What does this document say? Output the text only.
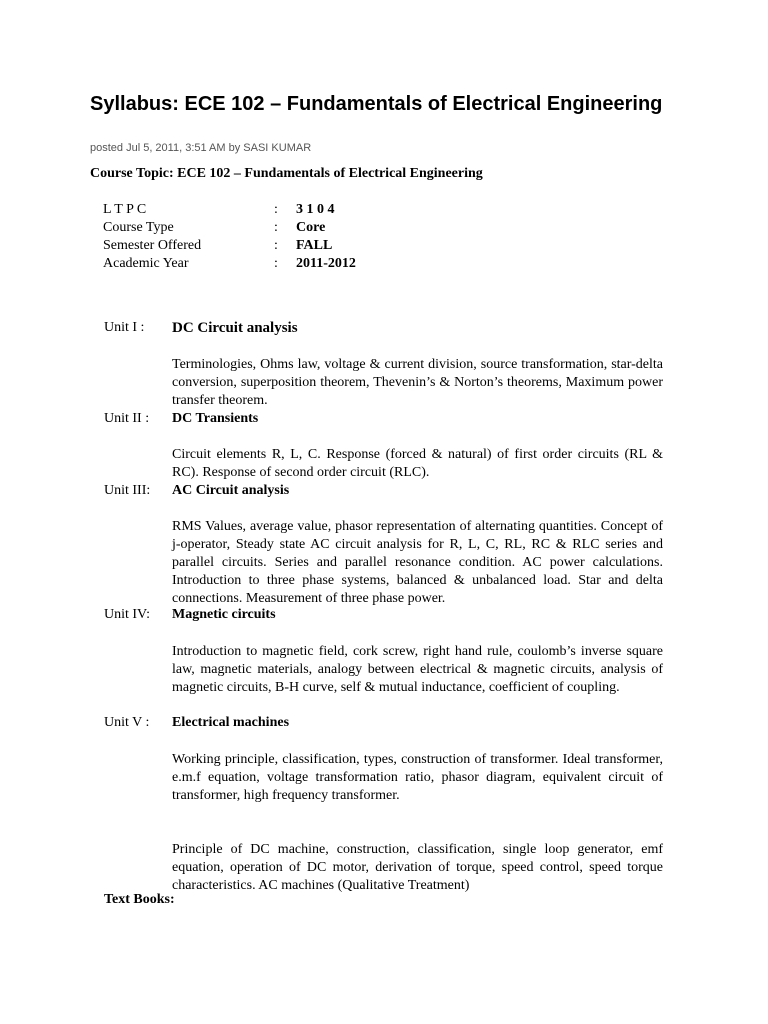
Syllabus: ECE 102 – Fundamentals of Electrical Engineering
posted Jul 5, 2011, 3:51 AM by SASI KUMAR
Course Topic: ECE 102 – Fundamentals of Electrical Engineering
L T P C	: 3 1 0 4
Course Type	: Core
Semester Offered	: FALL
Academic Year	: 2011-2012
Unit I : DC Circuit analysis

Terminologies, Ohms law, voltage & current division, source transformation, star-delta conversion, superposition theorem, Thevenin’s & Norton’s theorems, Maximum power transfer theorem.

Unit II : DC Transients

Circuit elements R, L, C. Response (forced & natural) of first order circuits (RL & RC). Response of second order circuit (RLC).

Unit III: AC Circuit analysis

RMS Values, average value, phasor representation of alternating quantities. Concept of j-operator, Steady state AC circuit analysis for R, L, C, RL, RC & RLC series and parallel circuits. Series and parallel resonance condition. AC power calculations. Introduction to three phase systems, balanced & unbalanced load. Star and delta connections. Measurement of three phase power.

Unit IV: Magnetic circuits

Introduction to magnetic field, cork screw, right hand rule, coulomb’s inverse square law, magnetic materials, analogy between electrical & magnetic circuits, analysis of magnetic circuits, B-H curve, self & mutual inductance, coefficient of coupling.

Unit V : Electrical machines

Working principle, classification, types, construction of transformer. Ideal transformer, e.m.f equation, voltage transformation ratio, phasor diagram, equivalent circuit of transformer, high frequency transformer.

Principle of DC machine, construction, classification, single loop generator, emf equation, operation of DC motor, derivation of torque, speed control, speed torque characteristics. AC machines (Qualitative Treatment)

Text Books:
